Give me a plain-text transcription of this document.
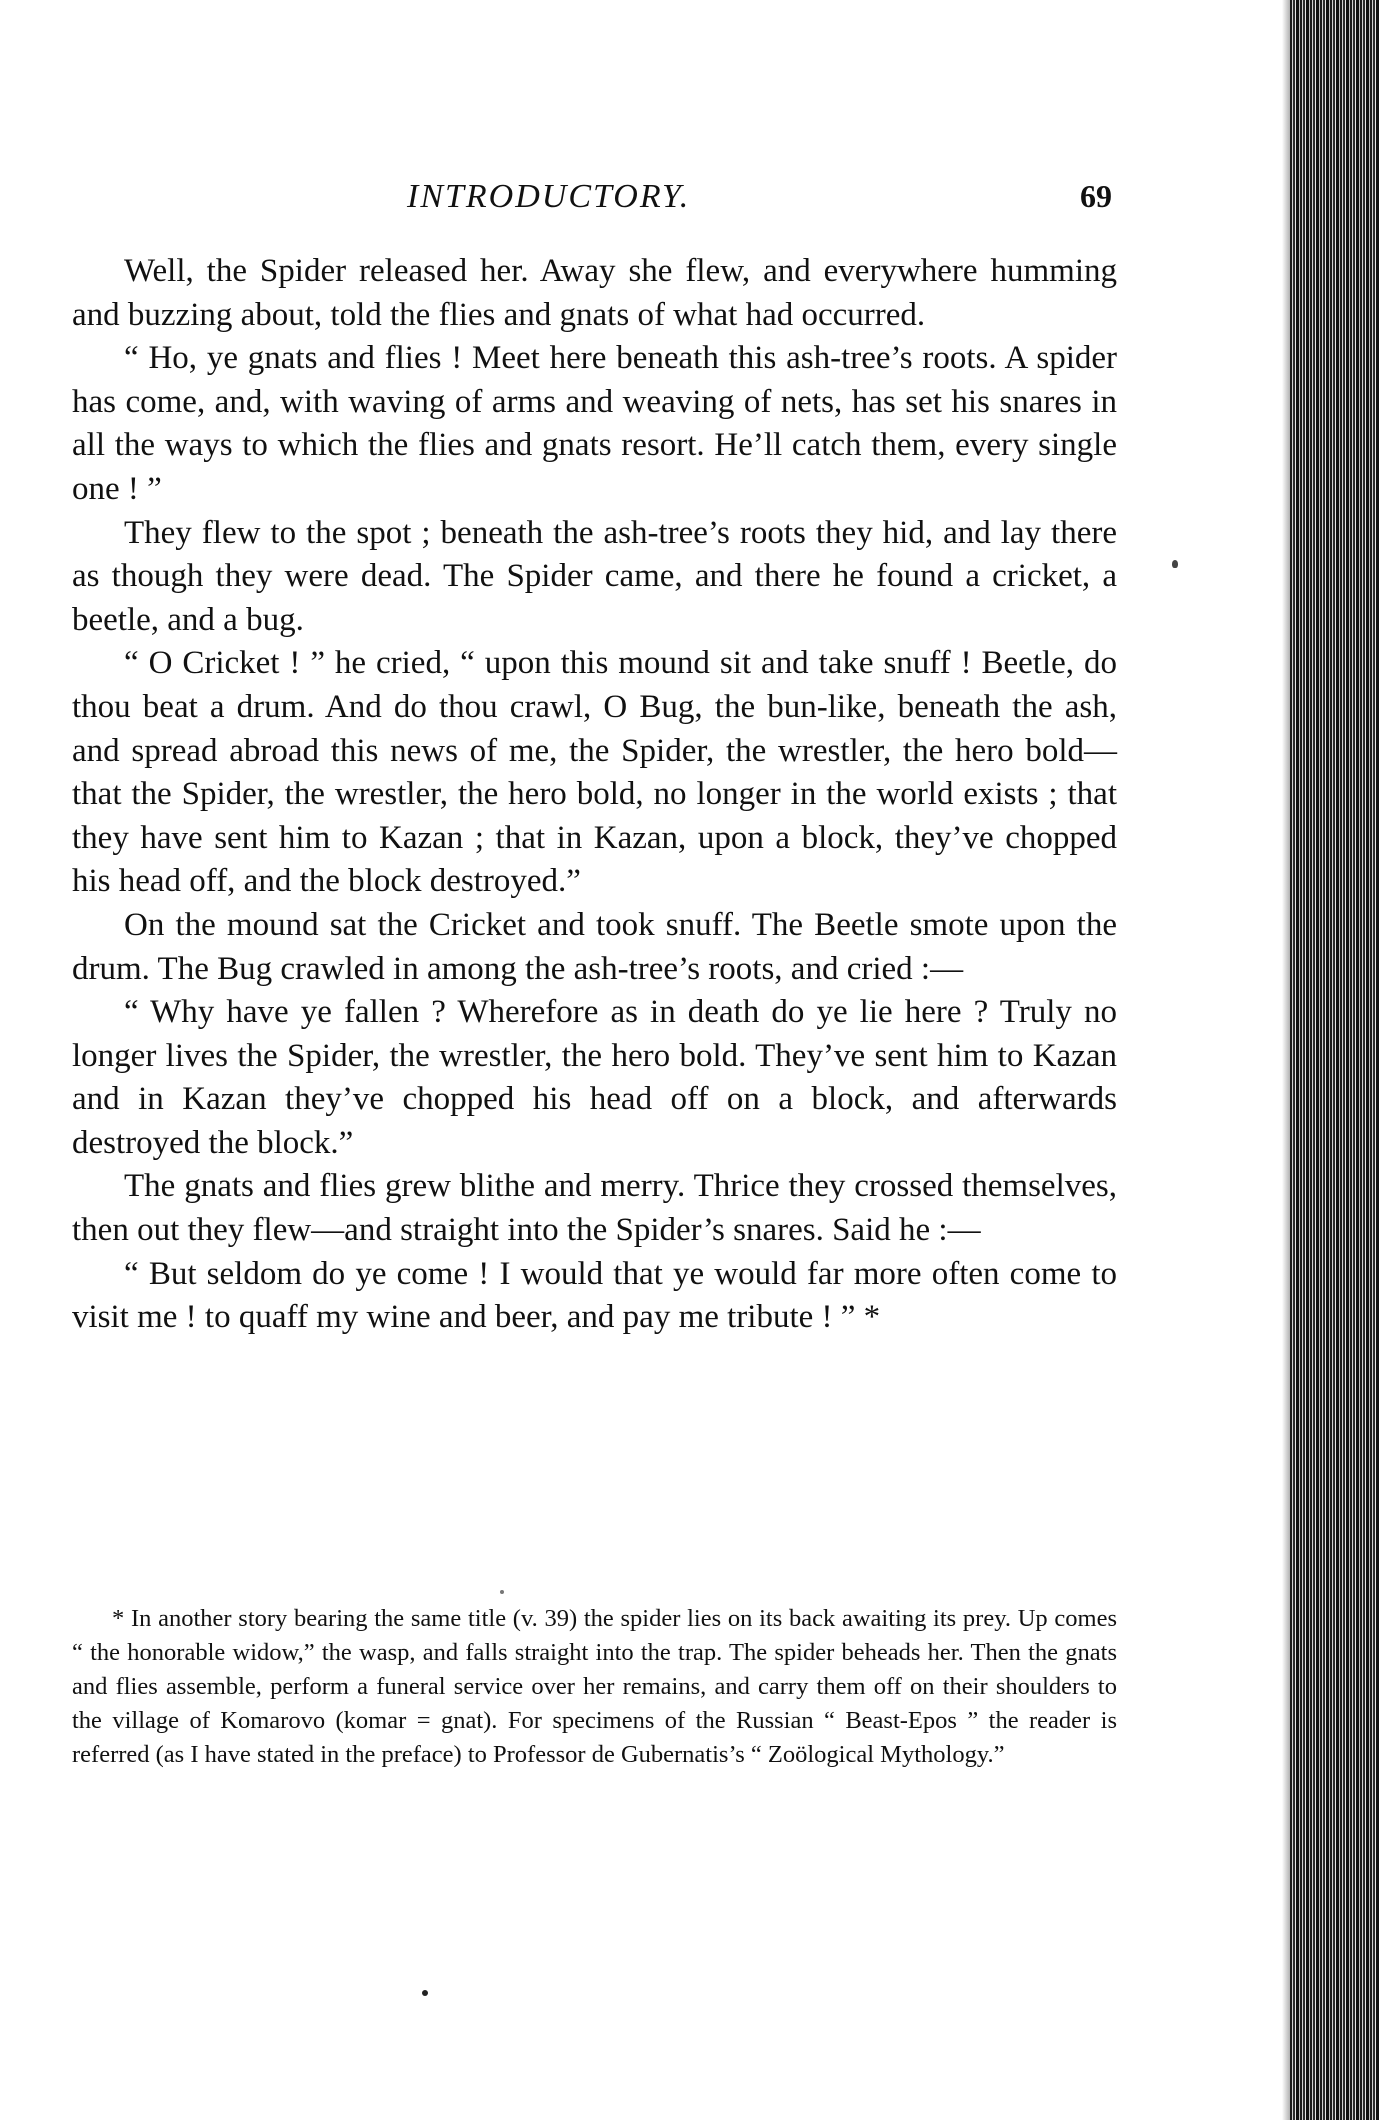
INTRODUCTORY.	69

Well, the Spider released her. Away she flew, and everywhere humming and buzzing about, told the flies and gnats of what had occurred.

“ Ho, ye gnats and flies ! Meet here beneath this ash-tree’s roots. A spider has come, and, with waving of arms and weaving of nets, has set his snares in all the ways to which the flies and gnats resort. He’ll catch them, every single one ! ”

They flew to the spot ; beneath the ash-tree’s roots they hid, and lay there as though they were dead. The Spider came, and there he found a cricket, a beetle, and a bug.

“ O Cricket ! ” he cried, “ upon this mound sit and take snuff ! Beetle, do thou beat a drum. And do thou crawl, O Bug, the bun-like, beneath the ash, and spread abroad this news of me, the Spider, the wrestler, the hero bold—that the Spider, the wrestler, the hero bold, no longer in the world exists ; that they have sent him to Kazan ; that in Kazan, upon a block, they’ve chopped his head off, and the block destroyed.”

On the mound sat the Cricket and took snuff. The Beetle smote upon the drum. The Bug crawled in among the ash-tree’s roots, and cried :—

“ Why have ye fallen ? Wherefore as in death do ye lie here ? Truly no longer lives the Spider, the wrestler, the hero bold. They’ve sent him to Kazan and in Kazan they’ve chopped his head off on a block, and afterwards destroyed the block.”

The gnats and flies grew blithe and merry. Thrice they crossed themselves, then out they flew—and straight into the Spider’s snares. Said he :—

“ But seldom do ye come ! I would that ye would far more often come to visit me ! to quaff my wine and beer, and pay me tribute ! ” *

* In another story bearing the same title (v. 39) the spider lies on its back awaiting its prey. Up comes “ the honorable widow,” the wasp, and falls straight into the trap. The spider beheads her. Then the gnats and flies assemble, perform a funeral service over her remains, and carry them off on their shoulders to the village of Komarovo (komar = gnat). For specimens of the Russian “ Beast-Epos ” the reader is referred (as I have stated in the preface) to Professor de Gubernatis’s “ Zoölogical Mythology.”
